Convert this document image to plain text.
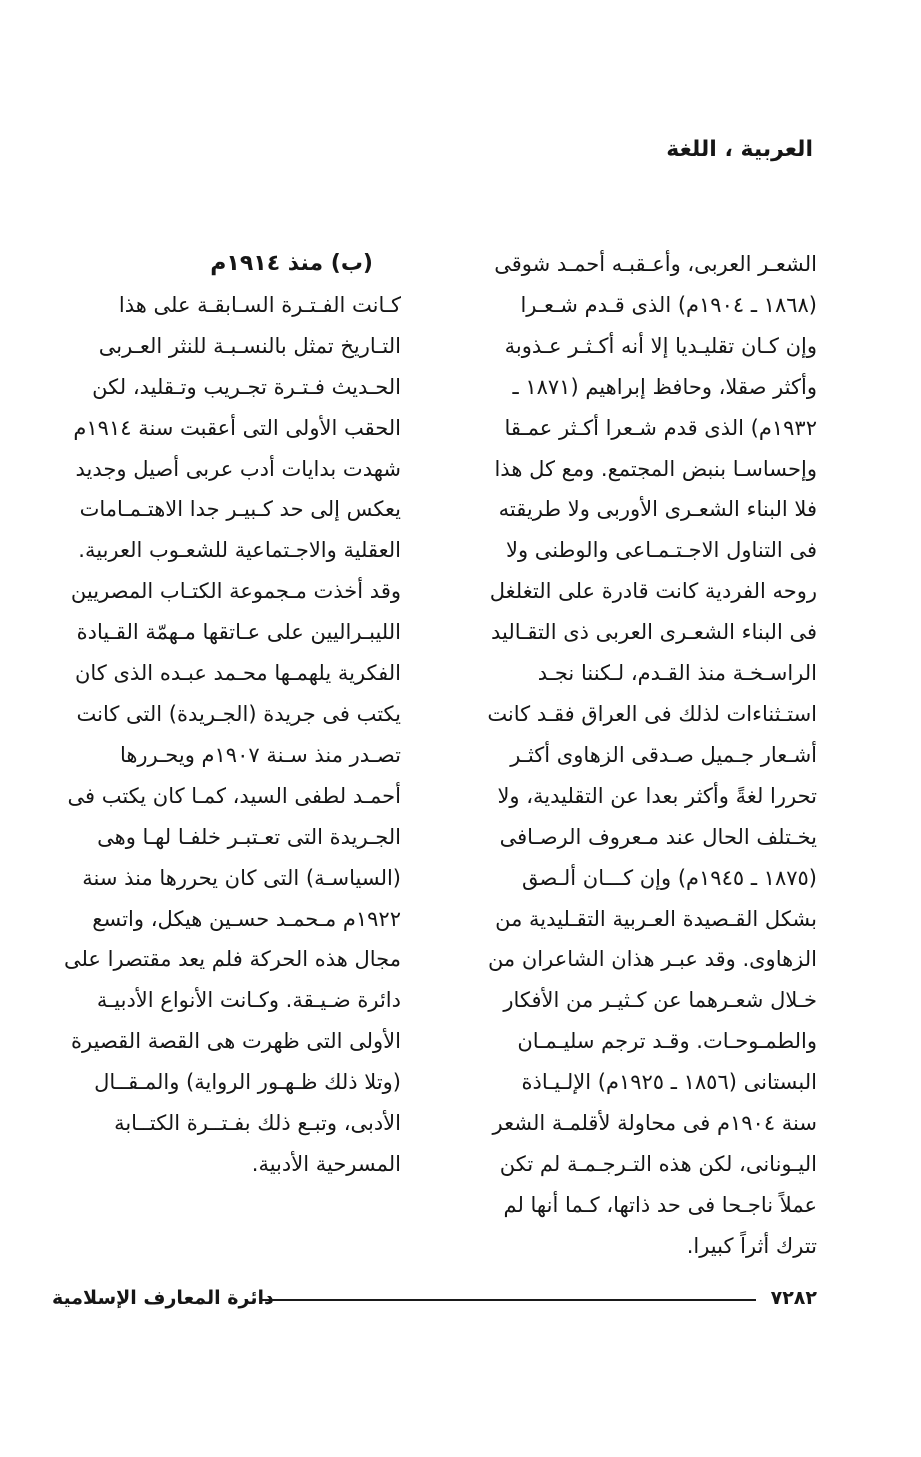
العربية ، اللغة
الشعـر العربى، وأعـقبـه أحمـد شوقى
(١٨٦٨ ـ ١٩٠٤م) الذى قـدم شـعـرا
وإن كـان تقليـديا إلا أنه أكـثـر عـذوبة
وأكثر صقلا، وحافظ إبراهيم (١٨٧١ ـ
١٩٣٢م) الذى قدم شـعرا أكـثر عمـقا
وإحساسـا بنبض المجتمع. ومع كل هذا
فلا البناء الشعـرى الأوربى ولا طريقته
فى التناول الاجـتـمـاعى والوطنى ولا
روحه الفردية كانت قادرة على التغلغل
فى البناء الشعـرى العربى ذى التقـاليد
الراسـخـة منذ القـدم، لـكننا نجـد
استـثناءات لذلك فى العراق فقـد كانت
أشـعار جـميل صـدقى الزهاوى أكثـر
تحررا لغةً وأكثر بعدا عن التقليدية، ولا
يخـتلف الحال عند مـعروف الرصـافى
(١٨٧٥ ـ ١٩٤٥م) وإن كـــان ألـصق
بشكل القـصيدة العـربية التقـليدية من
الزهاوى. وقد عبـر هذان الشاعران من
خـلال شعـرهما عن كـثيـر من الأفكار
والطمـوحـات. وقـد ترجم سليـمـان
البستانى (١٨٥٦ ـ ١٩٢٥م) الإلـيـاذة
سنة ١٩٠٤م فى محاولة لأقلمـة الشعر
اليـونانى، لكن هذه التـرجـمـة لم تكن
عملاً ناجـحا فى حد ذاتها، كـما أنها لم
تترك أثراً كبيرا.
(ب) منذ ١٩١٤م
كـانت الفـتـرة السـابقـة على هذا
التـاريخ تمثل بالنسـبـة للنثر العـربى
الحـديث فـتـرة تجـريب وتـقليد، لكن
الحقب الأولى التى أعقبت سنة ١٩١٤م
شهدت بدايات أدب عربى أصيل وجديد
يعكس إلى حد كـبيـر جدا الاهتـمـامات
العقلية والاجـتماعية للشعـوب العربية.
وقد أخذت مـجموعة الكتـاب المصريين
الليبـراليين على عـاتقها مـهمّة القـيادة
الفكرية يلهمـها محـمد عبـده الذى كان
يكتب فى جريدة (الجـريدة) التى كانت
تصـدر منذ سـنة ١٩٠٧م ويحـررها
أحمـد لطفى السيد، كمـا كان يكتب فى
الجـريدة التى تعـتبـر خلفـا لهـا وهى
(السياسـة) التى كان يحررها منذ سنة
١٩٢٢م مـحمـد حسـين هيكل، واتسع
مجال هذه الحركة فلم يعد مقتصرا على
دائرة ضـيـقة. وكـانت الأنواع الأدبيـة
الأولى التى ظهرت هى القصة القصيرة
(وتلا ذلك ظـهـور الرواية) والمـقــال
الأدبى، وتبـع ذلك بفـتــرة الكتــابة
المسرحية الأدبية.
دائرة المعارف الإسلامية	٧٢٨٢
